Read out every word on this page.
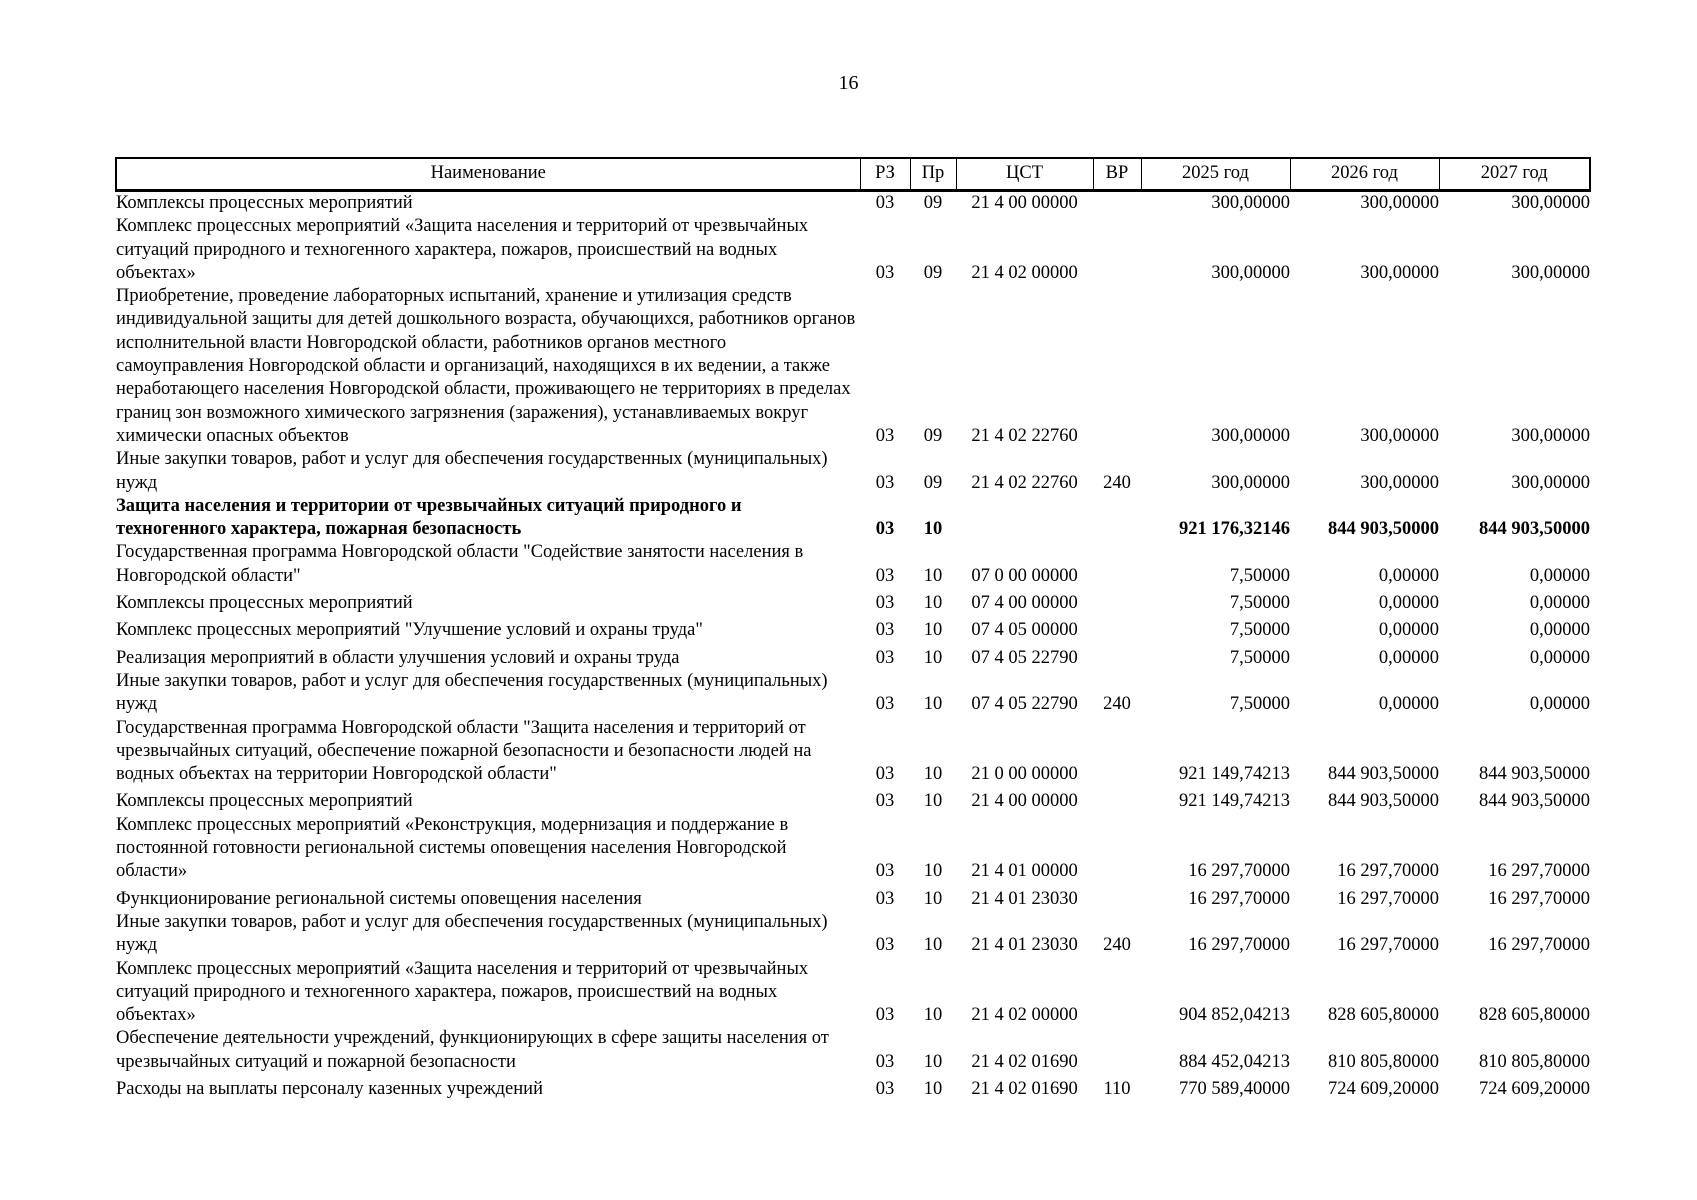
16
Наименование	РЗ	Пр	ЦСТ	ВР	2025 год	2026 год	2027 год
Комплексы процессных мероприятий	03	09	21 4 00 00000		300,00000	300,00000	300,00000
Комплекс процессных мероприятий «Защита населения и территорий от чрезвычайных ситуаций природного и техногенного характера, пожаров, происшествий на водных объектах»	03	09	21 4 02 00000		300,00000	300,00000	300,00000
Приобретение, проведение лабораторных испытаний, хранение и утилизация средств индивидуальной защиты для детей дошкольного возраста, обучающихся, работников органов исполнительной власти Новгородской области, работников органов местного самоуправления Новгородской области и организаций, находящихся в их ведении, а также неработающего населения Новгородской области, проживающего не территориях в пределах границ зон возможного химического загрязнения (заражения), устанавливаемых вокруг химически опасных объектов	03	09	21 4 02 22760		300,00000	300,00000	300,00000
Иные закупки товаров, работ и услуг для обеспечения государственных (муниципальных) нужд	03	09	21 4 02 22760	240	300,00000	300,00000	300,00000
Защита населения и территории от чрезвычайных ситуаций природного и техногенного характера, пожарная безопасность	03	10			921 176,32146	844 903,50000	844 903,50000
Государственная программа Новгородской области "Содействие занятости населения в Новгородской области"	03	10	07 0 00 00000		7,50000	0,00000	0,00000
Комплексы процессных мероприятий	03	10	07 4 00 00000		7,50000	0,00000	0,00000
Комплекс процессных мероприятий "Улучшение условий и охраны труда"	03	10	07 4 05 00000		7,50000	0,00000	0,00000
Реализация мероприятий в области улучшения условий и охраны труда	03	10	07 4 05 22790		7,50000	0,00000	0,00000
Иные закупки товаров, работ и услуг для обеспечения государственных (муниципальных) нужд	03	10	07 4 05 22790	240	7,50000	0,00000	0,00000
Государственная программа Новгородской области "Защита населения и территорий от чрезвычайных ситуаций, обеспечение пожарной безопасности и безопасности людей на водных объектах на территории Новгородской области"	03	10	21 0 00 00000		921 149,74213	844 903,50000	844 903,50000
Комплексы процессных мероприятий	03	10	21 4 00 00000		921 149,74213	844 903,50000	844 903,50000
Комплекс процессных мероприятий «Реконструкция, модернизация и поддержание в постоянной готовности региональной системы оповещения населения Новгородской области»	03	10	21 4 01 00000		16 297,70000	16 297,70000	16 297,70000
Функционирование региональной системы оповещения населения	03	10	21 4 01 23030		16 297,70000	16 297,70000	16 297,70000
Иные закупки товаров, работ и услуг для обеспечения государственных (муниципальных) нужд	03	10	21 4 01 23030	240	16 297,70000	16 297,70000	16 297,70000
Комплекс процессных мероприятий «Защита населения и территорий от чрезвычайных ситуаций природного и техногенного характера, пожаров, происшествий на водных объектах»	03	10	21 4 02 00000		904 852,04213	828 605,80000	828 605,80000
Обеспечение деятельности учреждений, функционирующих в сфере защиты населения от чрезвычайных ситуаций и пожарной безопасности	03	10	21 4 02 01690		884 452,04213	810 805,80000	810 805,80000
Расходы на выплаты персоналу казенных учреждений	03	10	21 4 02 01690	110	770 589,40000	724 609,20000	724 609,20000
